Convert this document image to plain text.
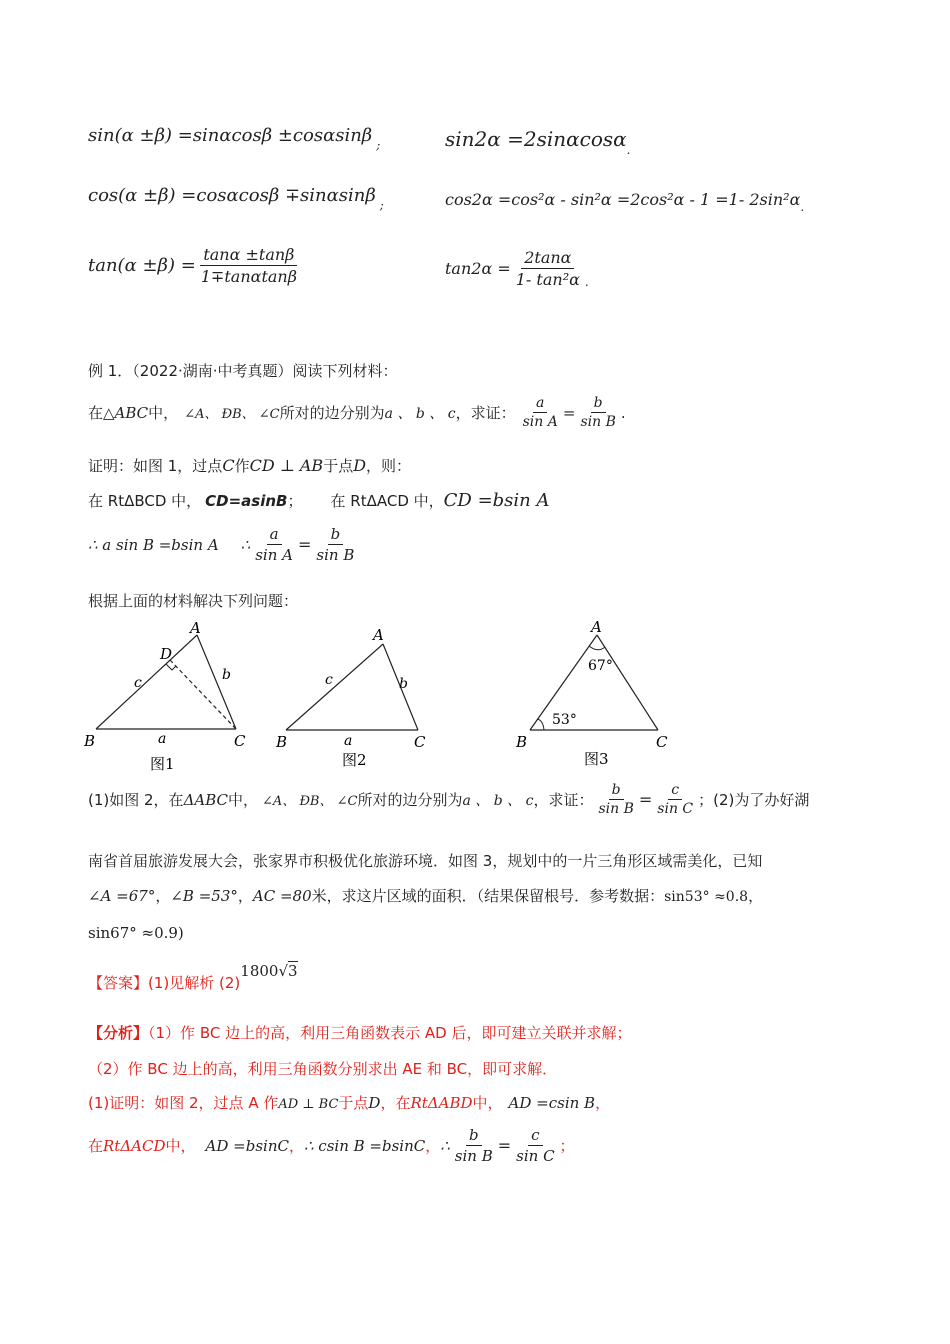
sin(α ±β) =sinαcosβ ±cosαsinβ $_;$	sin2α =2sinαcosα$_.$
cos(α ±β) =cosαcosβ ∓sinαsinβ $_;$	cos2α =cos²α - sin²α =2cos²α - 1 =1- $2\sin^2\alpha_.$
$\tan(\alpha \pm\beta) = \frac{\tan\alpha \pm\tan\beta}{1\mp\tan\alpha\tan\beta}$	$\tan 2\alpha = \frac{2\tan\alpha}{\text{1- tan²α}}$ .
例 1．（2022·湖南·中考真题）阅读下列材料：
在 △ABC 中， ∠A、 ÐB、 ∠C 所对的边分别为 a 、 b 、 c ，求证： $\frac{a}{\text{sin A}} = \frac{b}{\text{sin B}}$ .
证明：如图 1，过点 C 作 CD ⊥ AB 于点 D ，则：
在 RtΔBCD 中， CD=asinB ； 在 RtΔACD 中， CD =bsin A
∴ a sin B =bsin A ∴ $\frac{a}{\text{sin A}} = \frac{b}{\text{sin B}}$
根据上面的材料解决下列问题：
A
D
B	C
c	b
a
图1
A
B	C
c	b
a
图2
A
67°
53°
B	C
图3
(1)如图 2，在 ΔABC 中， ∠A、 ÐB、 ∠C 所对的边分别为 a 、 b 、 c ，求证： $\frac{b}{\text{sin B}} = \frac{c}{\text{sin C}}$ ；(2)为了办好湖
南省首届旅游发展大会，张家界市积极优化旅游环境．如图 3，规划中的一片三角形区域需美化，已知
∠A =67° ， ∠B =53° ， AC =80 米，求这片区域的面积．（结果保留根号．参考数据： sin53° ≈0.8 ，
sin67° ≈0.9)
【答案】 (1)见解析 (2)
1800√3
【分析】（1）作 BC 边上的高，利用三角函数表示 AD 后，即可建立关联并求解；
（2）作 BC 边上的高，利用三角函数分别求出 AE 和 BC，即可求解．
(1)证明：如图 2，过点 A 作 AD ⊥ BC 于点 D ，在 RtΔABD 中， AD =csin B ，
在 RtΔACD 中， AD =bsinC ， ∴ csin B =bsinC ， ∴ $\frac{b}{\text{sin B}} = \frac{c}{\text{sin C}}$ ；
